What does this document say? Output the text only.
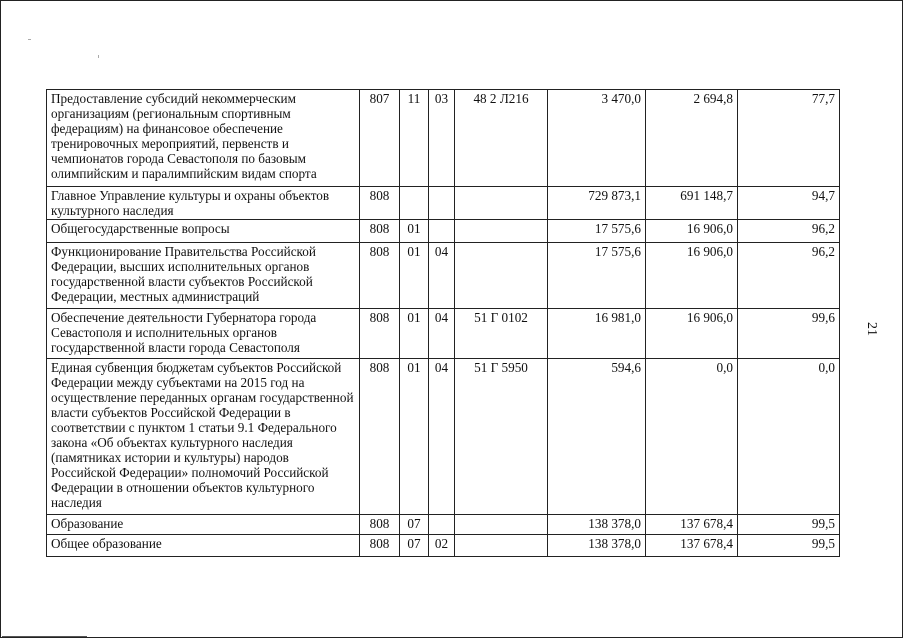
Предоставление субсидий некоммерческим организациям (региональным спортивным федерациям) на финансовое обеспечение тренировочных мероприятий, первенств и чемпионатов города Севастополя по базовым олимпийским и паралимпийским видам спорта	807	11	03	48 2 Л216	3 470,0	2 694,8	77,7
Главное Управление культуры и охраны объектов культурного наследия	808				729 873,1	691 148,7	94,7
Общегосударственные вопросы	808	01			17 575,6	16 906,0	96,2
Функционирование Правительства Российской Федерации, высших исполнительных органов государственной власти субъектов Российской Федерации, местных администраций	808	01	04		17 575,6	16 906,0	96,2
Обеспечение деятельности Губернатора города Севастополя и исполнительных органов государственной власти города Севастополя	808	01	04	51 Г 0102	16 981,0	16 906,0	99,6
Единая субвенция бюджетам субъектов Российской Федерации между субъектами на 2015 год на осуществление переданных органам государственной власти субъектов Российской Федерации в соответствии с пунктом 1 статьи 9.1 Федерального закона «Об объектах культурного наследия (памятниках истории и культуры) народов Российской Федерации» полномочий Российской Федерации в отношении объектов культурного наследия	808	01	04	51 Г 5950	594,6	0,0	0,0
Образование	808	07			138 378,0	137 678,4	99,5
Общее образование	808	07	02		138 378,0	137 678,4	99,5
21
